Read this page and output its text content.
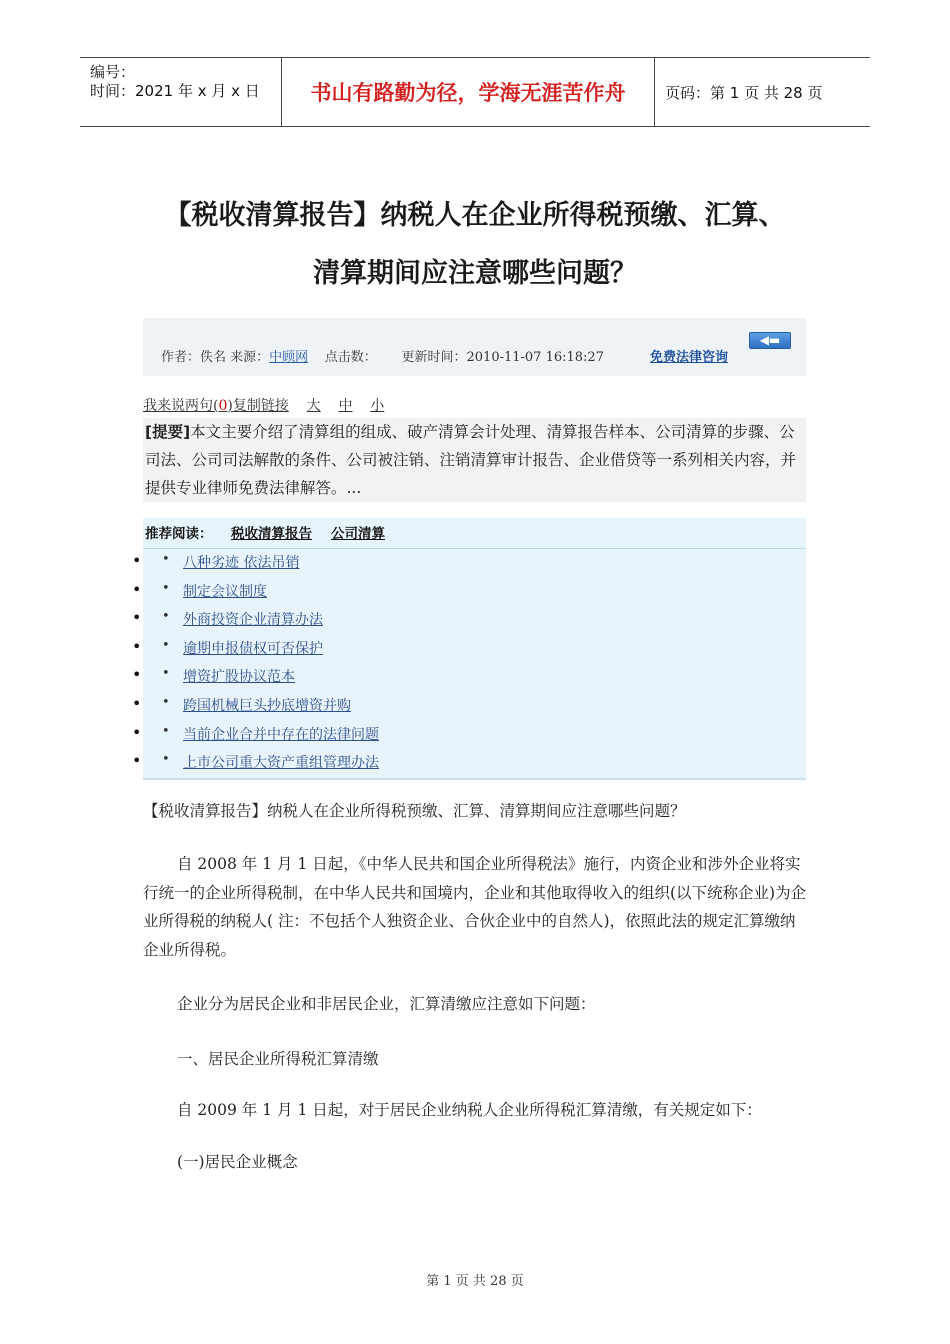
编号：
时间：2021 年 x 月 x 日	书山有路勤为径，学海无涯苦作舟	页码：第 1 页 共 28 页
【税收清算报告】纳税人在企业所得税预缴、汇算、
清算期间应注意哪些问题？
作者：佚名 来源：中顾网 点击数： 更新时间：2010-11-07 16:18:27	免费法律咨询
◀▬
我来说两句(0)复制链接 大 中 小

[提要]本文主要介绍了清算组的组成、破产清算会计处理、清算报告样本、公司清算的步骤、公司法、公司司法解散的条件、公司被注销、注销清算审计报告、企业借贷等一系列相关内容，并提供专业律师免费法律解答。...

推荐阅读： 税收清算报告 公司清算
• • 八种劣迹 依法吊销
• • 制定会议制度
• • 外商投资企业清算办法
• • 逾期申报债权可否保护
• • 增资扩股协议范本
• • 跨国机械巨头抄底增资并购
• • 当前企业合并中存在的法律问题
• • 上市公司重大资产重组管理办法

【税收清算报告】纳税人在企业所得税预缴、汇算、清算期间应注意哪些问题？

自 2008 年 1 月 1 日起，《中华人民共和国企业所得税法》施行，内资企业和涉外企业将实行统一的企业所得税制，在中华人民共和国境内，企业和其他取得收入的组织(以下统称企业)为企业所得税的纳税人( 注：不包括个人独资企业、合伙企业中的自然人)，依照此法的规定汇算缴纳企业所得税。

企业分为居民企业和非居民企业，汇算清缴应注意如下问题：

一、居民企业所得税汇算清缴

自 2009 年 1 月 1 日起，对于居民企业纳税人企业所得税汇算清缴，有关规定如下：

(一)居民企业概念

第 1 页 共 28 页
